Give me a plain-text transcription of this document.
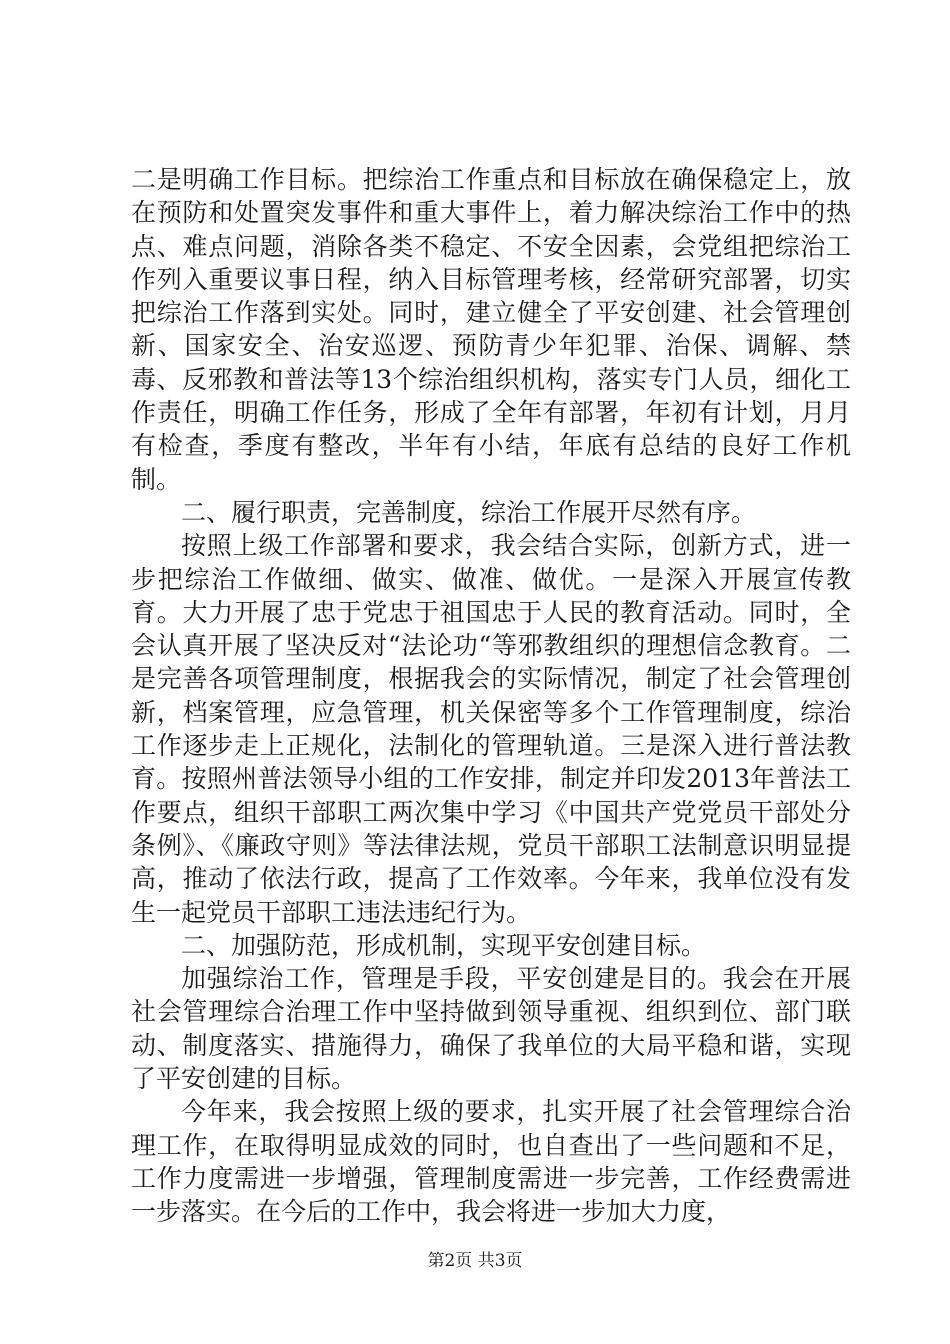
二是明确工作目标。把综治工作重点和目标放在确保稳定上，放在预防和处置突发事件和重大事件上，着力解决综治工作中的热点、难点问题，消除各类不稳定、不安全因素，会党组把综治工作列入重要议事日程，纳入目标管理考核，经常研究部署，切实把综治工作落到实处。同时，建立健全了平安创建、社会管理创新、国家安全、治安巡逻、预防青少年犯罪、治保、调解、禁毒、反邪教和普法等13个综治组织机构，落实专门人员，细化工作责任，明确工作任务，形成了全年有部署，年初有计划，月月有检查，季度有整改，半年有小结，年底有总结的良好工作机制。

二、履行职责，完善制度，综治工作展开尽然有序。

按照上级工作部署和要求，我会结合实际，创新方式，进一步把综治工作做细、做实、做准、做优。一是深入开展宣传教育。大力开展了忠于党忠于祖国忠于人民的教育活动。同时，全会认真开展了坚决反对“法论功“等邪教组织的理想信念教育。二是完善各项管理制度，根据我会的实际情况，制定了社会管理创新，档案管理，应急管理，机关保密等多个工作管理制度，综治工作逐步走上正规化，法制化的管理轨道。三是深入进行普法教育。按照州普法领导小组的工作安排，制定并印发2013年普法工作要点，组织干部职工两次集中学习《中国共产党党员干部处分条例》、《廉政守则》等法律法规，党员干部职工法制意识明显提高，推动了依法行政，提高了工作效率。今年来，我单位没有发生一起党员干部职工违法违纪行为。

二、加强防范，形成机制，实现平安创建目标。

加强综治工作，管理是手段，平安创建是目的。我会在开展社会管理综合治理工作中坚持做到领导重视、组织到位、部门联动、制度落实、措施得力，确保了我单位的大局平稳和谐，实现了平安创建的目标。

今年来，我会按照上级的要求，扎实开展了社会管理综合治理工作，在取得明显成效的同时，也自查出了一些问题和不足，工作力度需进一步增强，管理制度需进一步完善，工作经费需进一步落实。在今后的工作中，我会将进一步加大力度，

第2页 共3页
